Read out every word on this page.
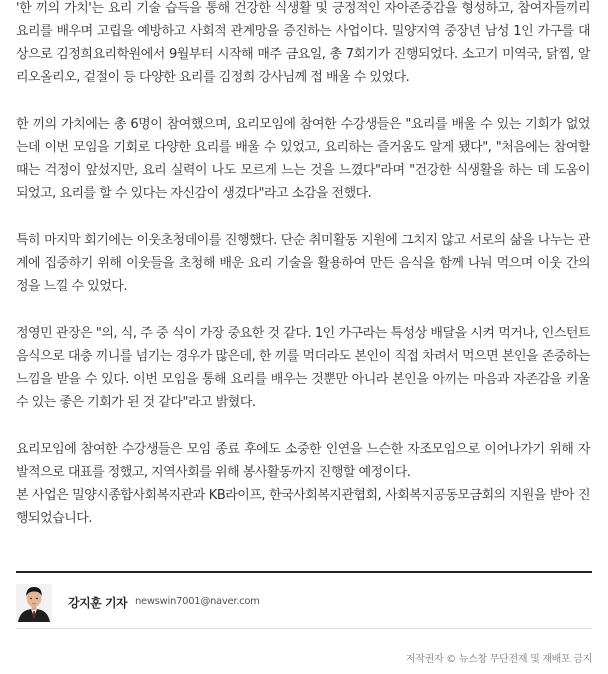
'한 끼의 가치'는 요리 기술 습득을 통해 건강한 식생활 및 긍정적인 자아존중감을 형성하고, 참여자들끼리 요리를 배우며 고립을 예방하고 사회적 관계망을 증진하는 사업이다. 밀양지역 중장년 남성 1인 가구를 대상으로 김정희요리학원에서 9월부터 시작해 매주 금요일, 총 7회기가 진행되었다. 소고기 미역국, 닭찜, 알리오올리오, 겉절이 등 다양한 요리를 김정희 강사님께 접 배울 수 있었다.

한 끼의 가치에는 총 6명이 참여했으며, 요리모임에 참여한 수강생들은 "요리를 배울 수 있는 기회가 없었는데 이번 모임을 기회로 다양한 요리를 배울 수 있었고, 요리하는 즐거움도 알게 됐다", "처음에는 참여할 때는 걱정이 앞섰지만, 요리 실력이 나도 모르게 느는 것을 느꼈다"라며 "건강한 식생활을 하는 데 도움이 되었고, 요리를 할 수 있다는 자신감이 생겼다"라고 소감을 전했다.

특히 마지막 회기에는 이웃초청데이를 진행했다. 단순 취미활동 지원에 그치지 않고 서로의 삶을 나누는 관계에 집중하기 위해 이웃들을 초청해 배운 요리 기술을 활용하여 만든 음식을 함께 나눠 먹으며 이웃 간의 정을 느낄 수 있었다.

정영민 관장은 "의, 식, 주 중 식이 가장 중요한 것 같다. 1인 가구라는 특성상 배달을 시켜 먹거나, 인스턴트 음식으로 대충 끼니를 넘기는 경우가 많은데, 한 끼를 먹더라도 본인이 직접 차려서 먹으면 본인을 존중하는 느낌을 받을 수 있다. 이번 모임을 통해 요리를 배우는 것뿐만 아니라 본인을 아끼는 마음과 자존감을 키울 수 있는 좋은 기회가 된 것 같다"라고 밝혔다.

요리모임에 참여한 수강생들은 모임 종료 후에도 소중한 인연을 느슨한 자조모임으로 이어나가기 위해 자발적으로 대표를 정했고, 지역사회를 위해 봉사활동까지 진행할 예정이다.

본 사업은 밀양시종합사회복지관과 KB라이프, 한국사회복지관협회, 사회복지공동모금회의 지원을 받아 진행되었습니다.

강지훈 기자 newswin7001@naver.com
저작권자 © 뉴스창 무단전재 및 재배포 금지
